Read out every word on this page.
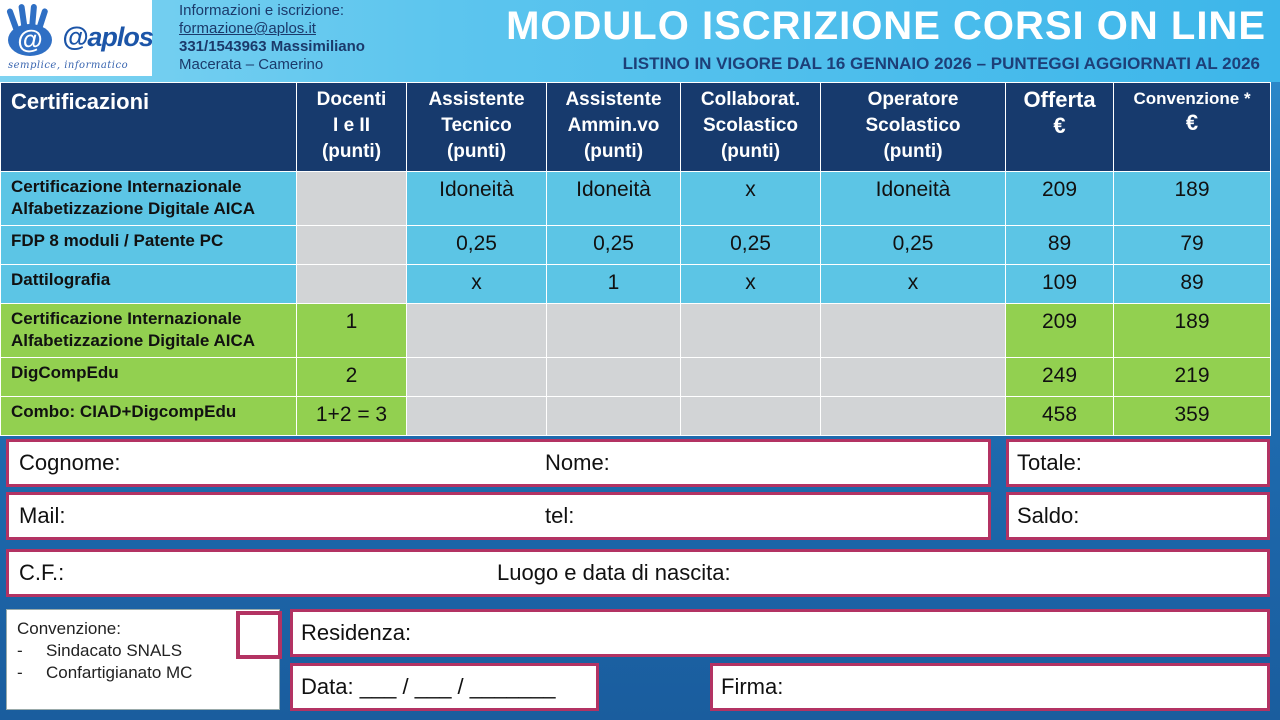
@ @aplos
semplice, informatico
Informazioni e iscrizione:
formazione@aplos.it
331/1543963 Massimiliano
Macerata – Camerino
MODULO ISCRIZIONE CORSI ON LINE
LISTINO IN VIGORE DAL 16 GENNAIO 2026 – PUNTEGGI AGGIORNATI AL 2026
Certificazioni	Docenti
I e II
(punti)	Assistente
Tecnico
(punti)	Assistente
Ammin.vo
(punti)	Collaborat.
Scolastico
(punti)	Operatore
Scolastico
(punti)	Offerta
€	Convenzione *
€
Certificazione Internazionale
Alfabetizzazione Digitale AICA		Idoneità	Idoneità	x	Idoneità	209	189
FDP 8 moduli / Patente PC		0,25	0,25	0,25	0,25	89	79
Dattilografia		x	1	x	x	109	89
Certificazione Internazionale
Alfabetizzazione Digitale AICA	1					209	189
DigCompEdu	2					249	219
Combo: CIAD+DigcompEdu	1+2 = 3					458	359
Cognome:	Nome:	Totale:
Mail:	tel:	Saldo:
C.F.:	Luogo e data di nascita:
Convenzione:
- Sindacato SNALS
- Confartigianato MC
Residenza:
Data: ___ / ___ / _______	Firma:
